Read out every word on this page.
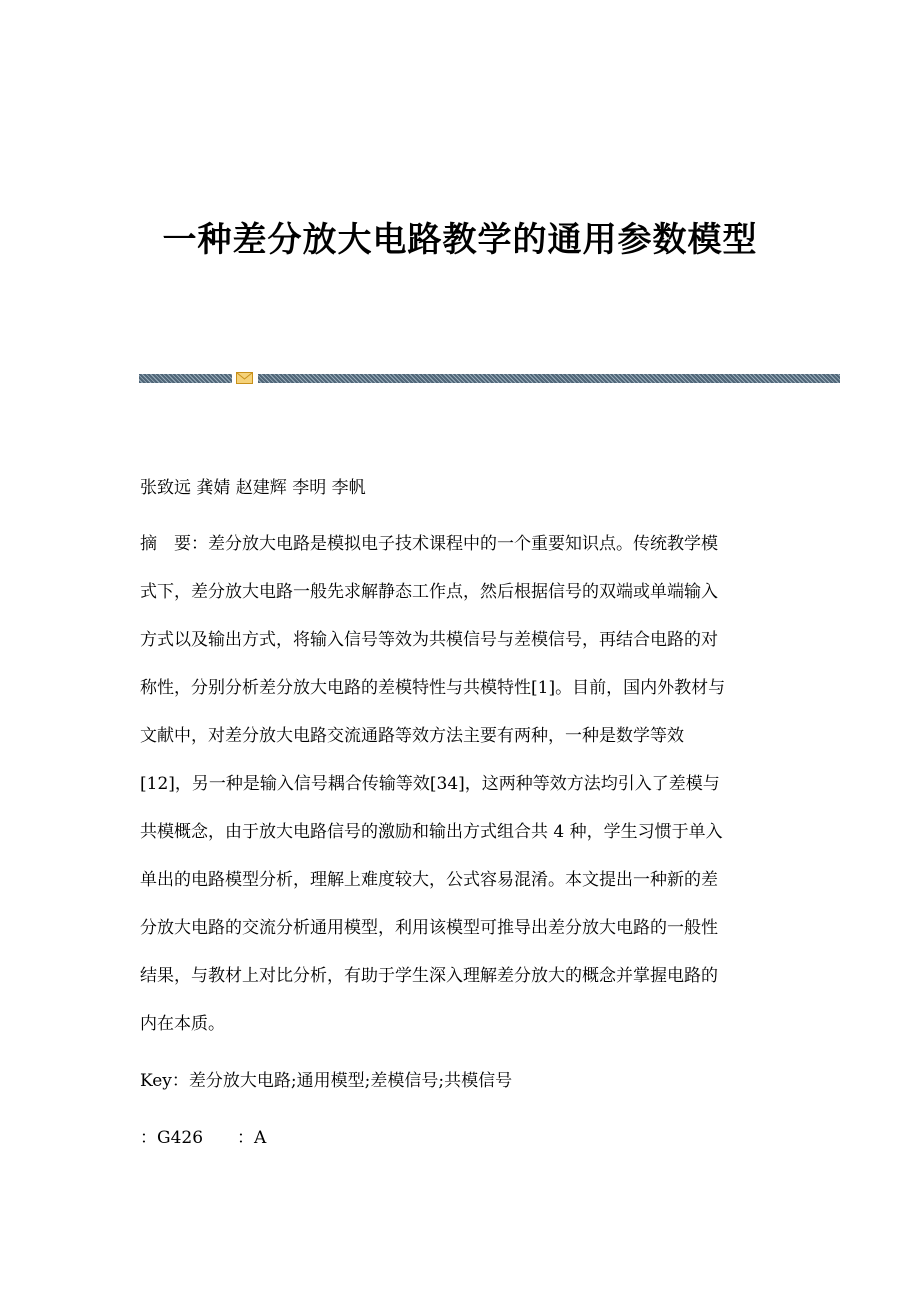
一种差分放大电路教学的通用参数模型
张致远 龚婧 赵建辉 李明 李帆
摘　要：差分放大电路是模拟电子技术课程中的一个重要知识点。传统教学模
式下，差分放大电路一般先求解静态工作点，然后根据信号的双端或单端输入
方式以及输出方式，将输入信号等效为共模信号与差模信号，再结合电路的对
称性，分别分析差分放大电路的差模特性与共模特性[1]。目前，国内外教材与
文献中，对差分放大电路交流通路等效方法主要有两种，一种是数学等效
[12]，另一种是输入信号耦合传输等效[34]，这两种等效方法均引入了差模与
共模概念，由于放大电路信号的激励和输出方式组合共 4 种，学生习惯于单入
单出的电路模型分析，理解上难度较大，公式容易混淆。本文提出一种新的差
分放大电路的交流分析通用模型，利用该模型可推导出差分放大电路的一般性
结果，与教材上对比分析，有助于学生深入理解差分放大的概念并掌握电路的
内在本质。
Key：差分放大电路;通用模型;差模信号;共模信号
：G426　　：A
